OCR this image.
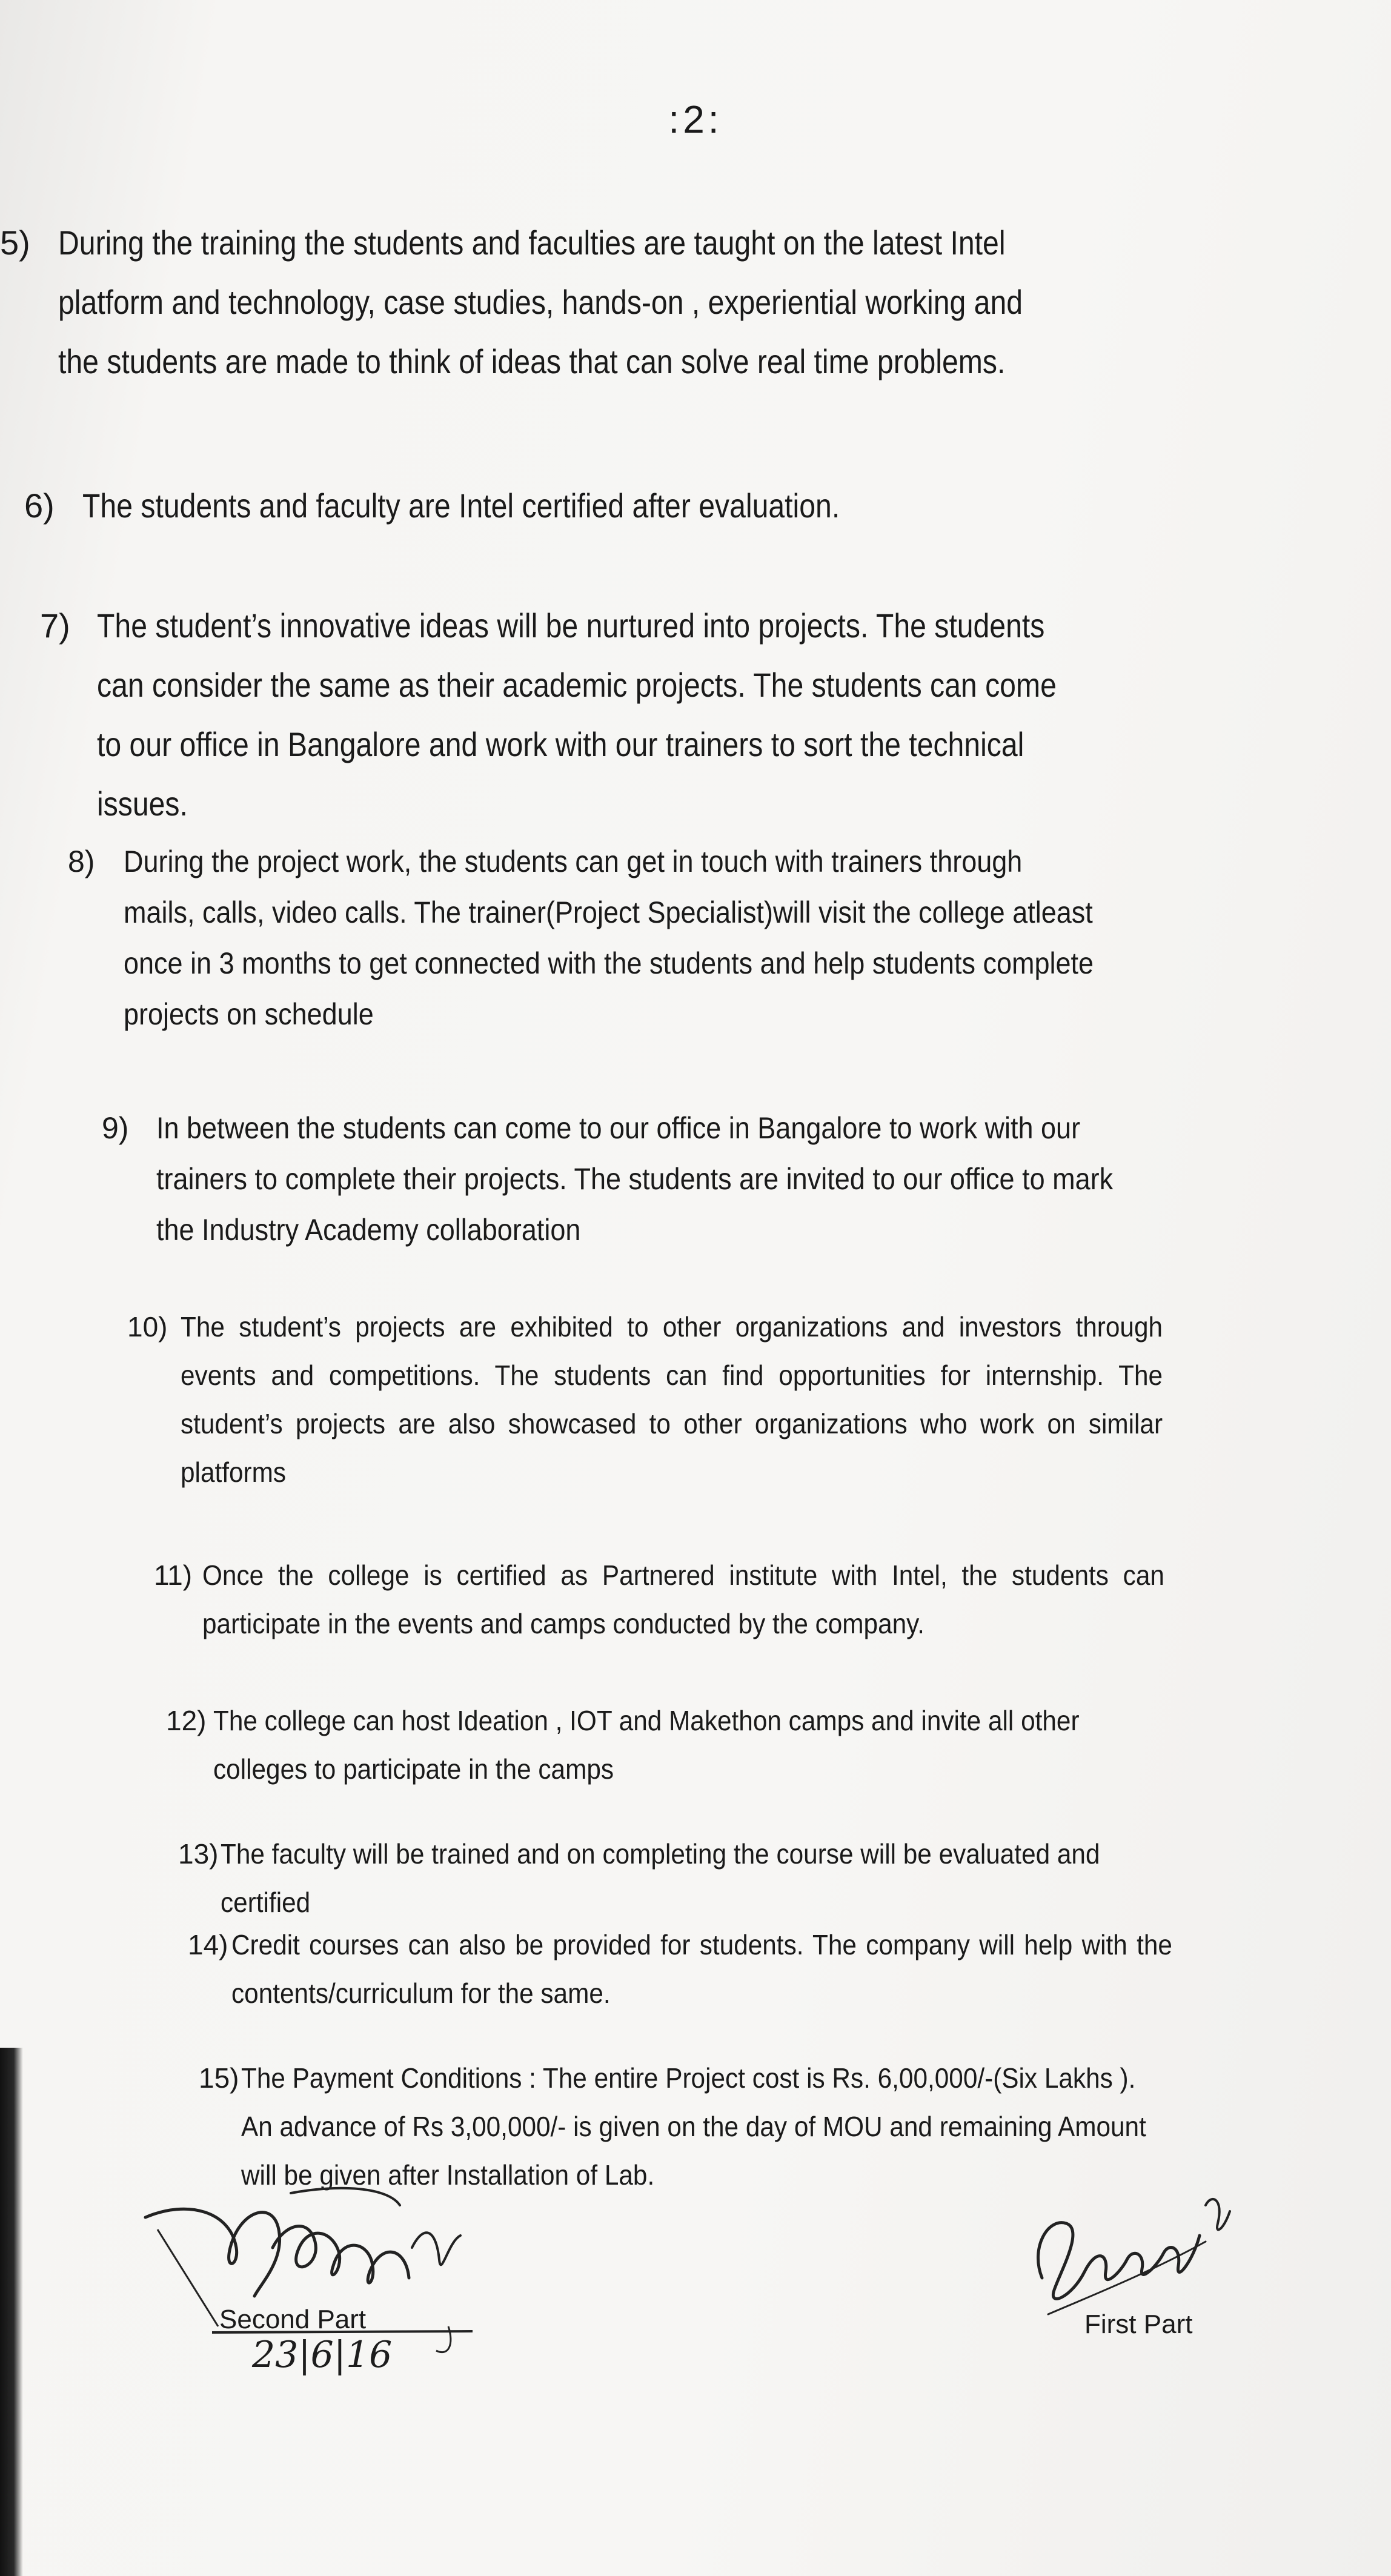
:2:
5) During the training the students and faculties are taught on the latest Intel platform and technology, case studies, hands-on , experiential working and the students are made to think of ideas that can solve real time problems.
6) The students and faculty are Intel certified after evaluation.
7) The student’s innovative ideas will be nurtured into projects. The students can consider the same as their academic projects. The students can come to our office in Bangalore and work with our trainers to sort the technical issues.
8) During the project work, the students can get in touch with trainers through mails, calls, video calls. The trainer(Project Specialist)will visit the college atleast once in 3 months to get connected with the students and help students complete projects on schedule
9) In between the students can come to our office in Bangalore to work with our trainers to complete their projects. The students are invited to our office to mark the Industry Academy collaboration
10) The student’s projects are exhibited to other organizations and investors through events and competitions. The students can find opportunities for internship. The student’s projects are also showcased to other organizations who work on similar platforms
11) Once the college is certified as Partnered institute with Intel, the students can participate in the events and camps conducted by the company.
12) The college can host Ideation , IOT and Makethon camps and invite all other colleges to participate in the camps
13) The faculty will be trained and on completing the course will be evaluated and certified
14) Credit courses can also be provided for students. The company will help with the contents/curriculum for the same.
15) The Payment Conditions : The entire Project cost is Rs. 6,00,000/-(Six Lakhs ). An advance of Rs 3,00,000/- is given on the day of MOU and remaining Amount will be given after Installation of Lab.
Second Part
23|6|16
First Part
